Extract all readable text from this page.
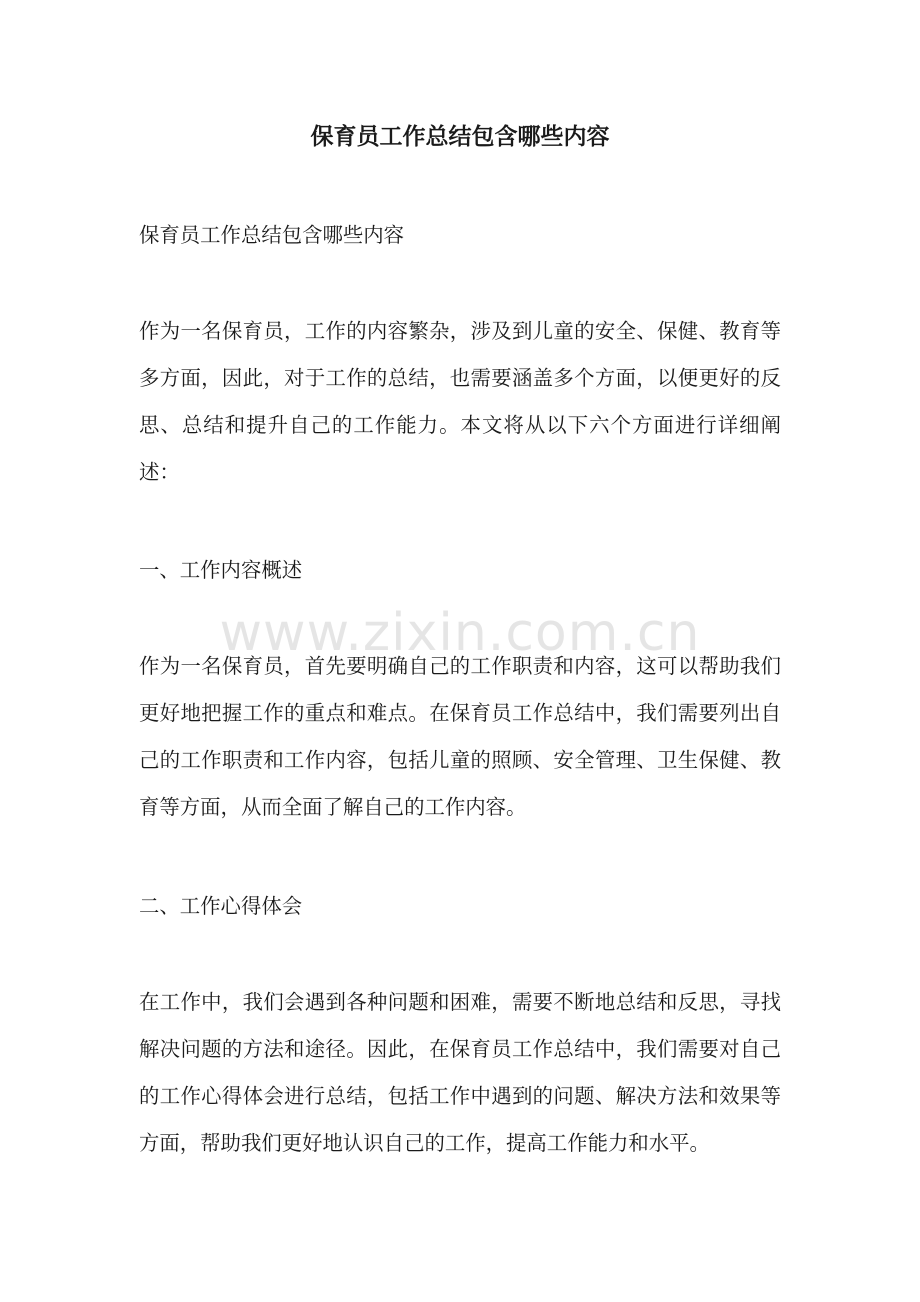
保育员工作总结包含哪些内容

保育员工作总结包含哪些内容

作为一名保育员，工作的内容繁杂，涉及到儿童的安全、保健、教育等多方面，因此，对于工作的总结，也需要涵盖多个方面，以便更好的反思、总结和提升自己的工作能力。本文将从以下六个方面进行详细阐述：

一、工作内容概述

作为一名保育员，首先要明确自己的工作职责和内容，这可以帮助我们更好地把握工作的重点和难点。在保育员工作总结中，我们需要列出自己的工作职责和工作内容，包括儿童的照顾、安全管理、卫生保健、教育等方面，从而全面了解自己的工作内容。

二、工作心得体会

在工作中，我们会遇到各种问题和困难，需要不断地总结和反思，寻找解决问题的方法和途径。因此，在保育员工作总结中，我们需要对自己的工作心得体会进行总结，包括工作中遇到的问题、解决方法和效果等方面，帮助我们更好地认识自己的工作，提高工作能力和水平。

www.zixin.com.cn
